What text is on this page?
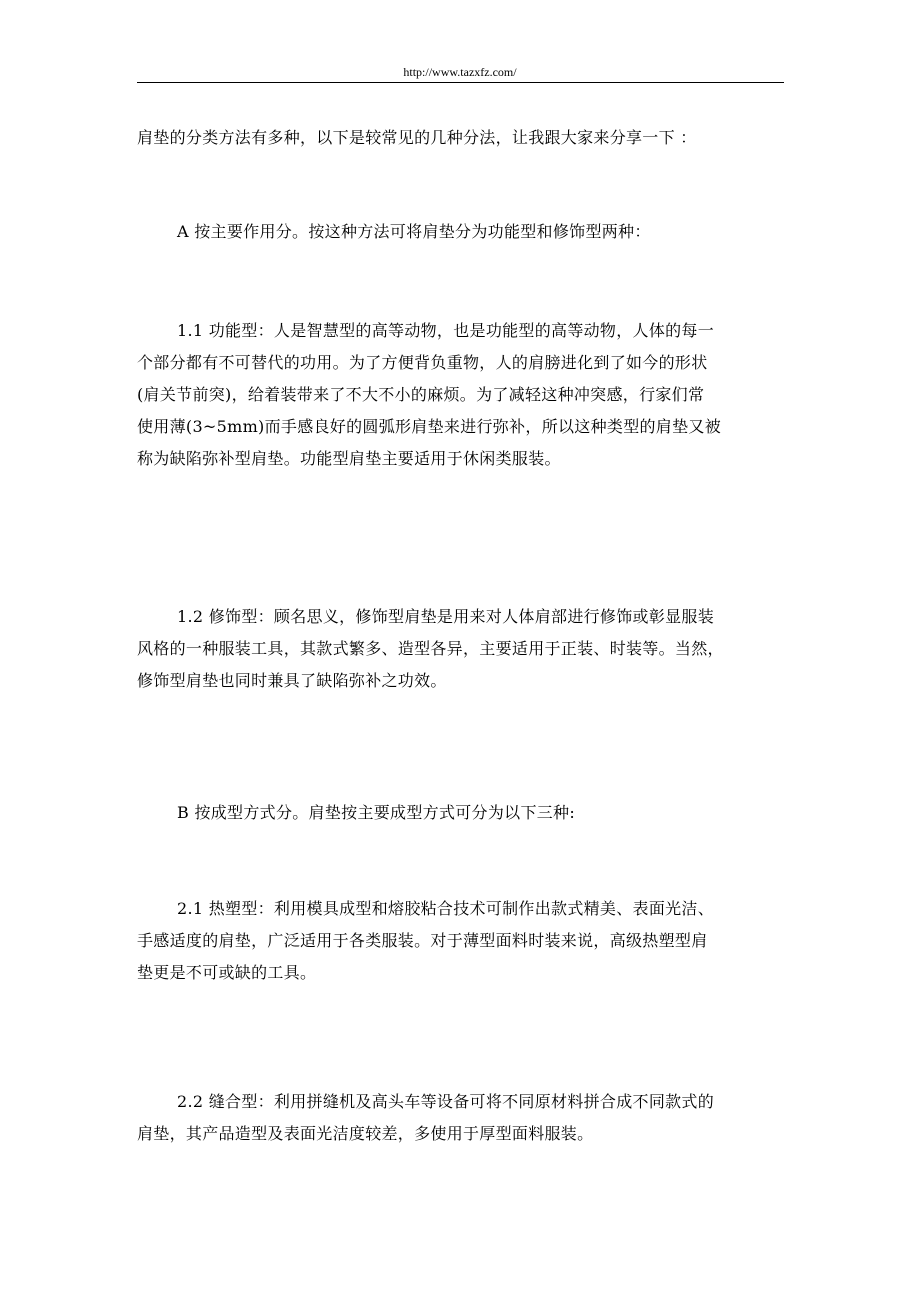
http://www.tazxfz.com/
肩垫的分类方法有多种，以下是较常见的几种分法，让我跟大家来分享一下 ：
A 按主要作用分。按这种方法可将肩垫分为功能型和修饰型两种：
1.1 功能型：人是智慧型的高等动物，也是功能型的高等动物，人体的每一
个部分都有不可替代的功用。为了方便背负重物，人的肩膀进化到了如今的形状
(肩关节前突)，给着装带来了不大不小的麻烦。为了减轻这种冲突感，行家们常
使用薄(3~5mm)而手感良好的圆弧形肩垫来进行弥补，所以这种类型的肩垫又被
称为缺陷弥补型肩垫。功能型肩垫主要适用于休闲类服装。
1.2 修饰型：顾名思义，修饰型肩垫是用来对人体肩部进行修饰或彰显服装
风格的一种服装工具，其款式繁多、造型各异，主要适用于正装、时装等。当然，
修饰型肩垫也同时兼具了缺陷弥补之功效。
B 按成型方式分。肩垫按主要成型方式可分为以下三种:
2.1 热塑型：利用模具成型和熔胶粘合技术可制作出款式精美、表面光洁、
手感适度的肩垫，广泛适用于各类服装。对于薄型面料时装来说，高级热塑型肩
垫更是不可或缺的工具。
2.2 缝合型：利用拼缝机及高头车等设备可将不同原材料拼合成不同款式的
肩垫，其产品造型及表面光洁度较差，多使用于厚型面料服装。
